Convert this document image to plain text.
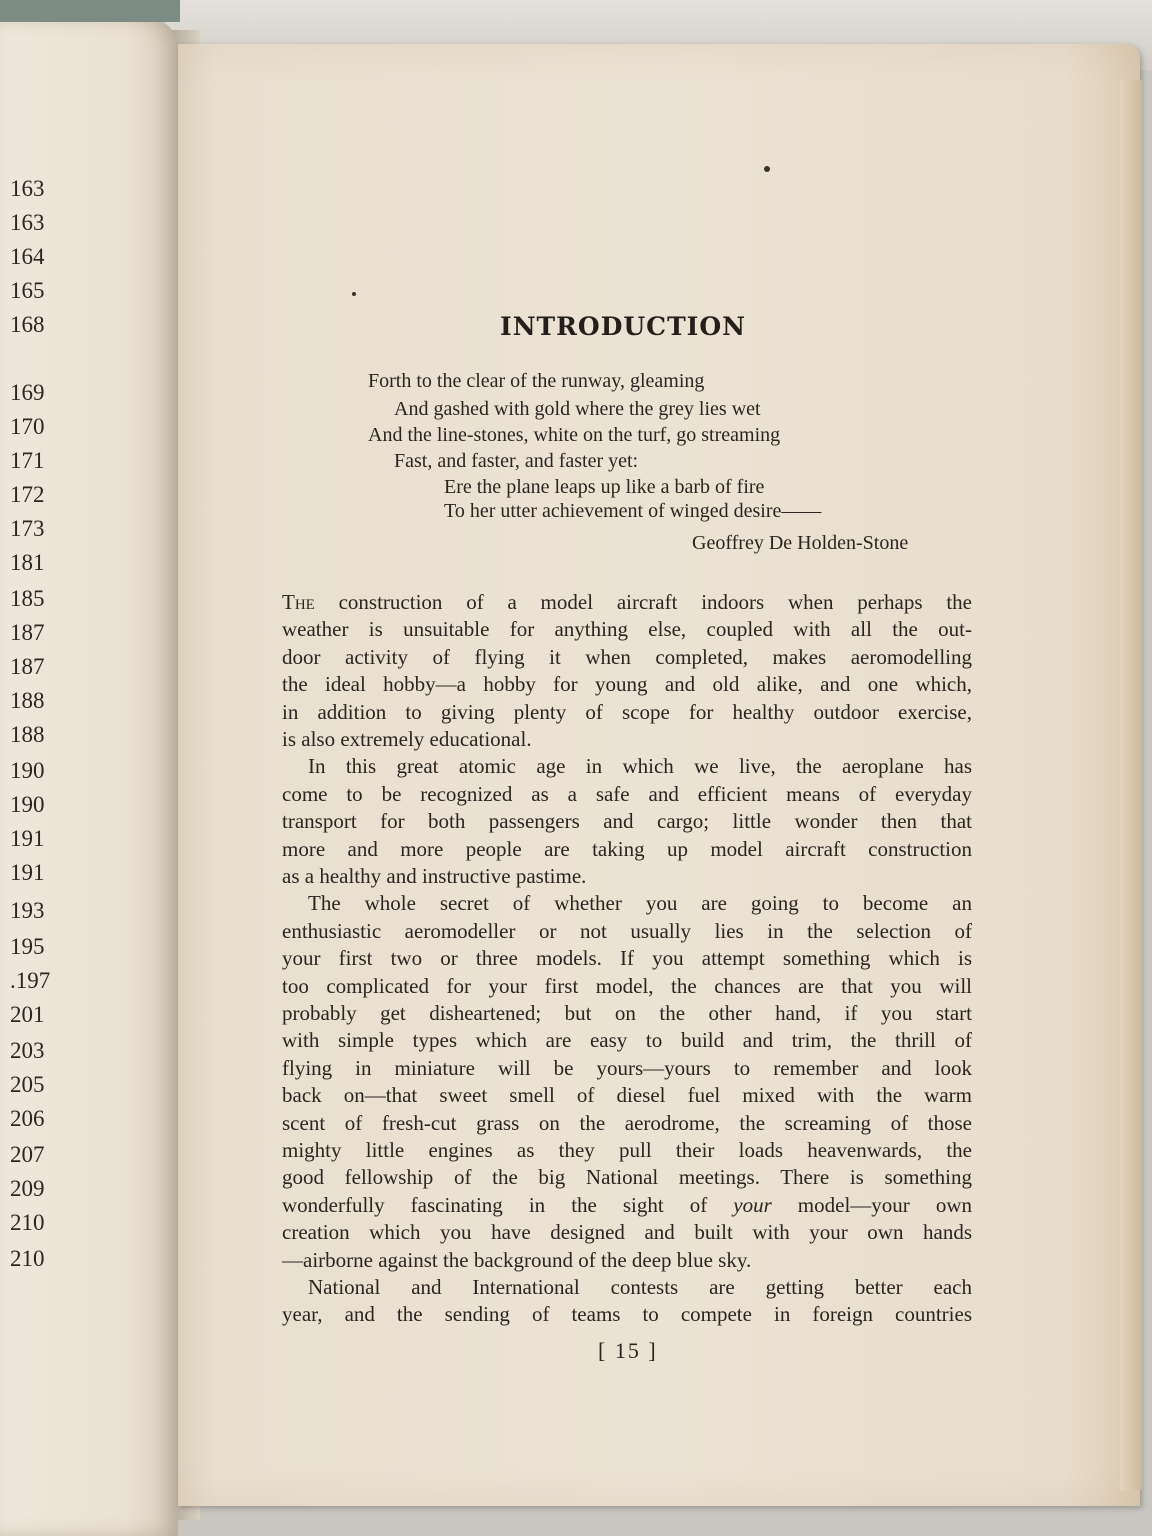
163
163
164
165
168
169
170
171
172
173
181
185
187
187
188
188
190
190
191
191
193
195
.197
201
203
205
206
207
209
210
210
INTRODUCTION
Forth to the clear of the runway, gleaming
And gashed with gold where the grey lies wet
And the line-stones, white on the turf, go streaming
Fast, and faster, and faster yet:
Ere the plane leaps up like a barb of fire
To her utter achievement of winged desire——
Geoffrey De Holden-Stone
The construction of a model aircraft indoors when perhaps the
weather is unsuitable for anything else, coupled with all the out-
door activity of flying it when completed, makes aeromodelling
the ideal hobby—a hobby for young and old alike, and one which,
in addition to giving plenty of scope for healthy outdoor exercise,
is also extremely educational.
In this great atomic age in which we live, the aeroplane has
come to be recognized as a safe and efficient means of everyday
transport for both passengers and cargo; little wonder then that
more and more people are taking up model aircraft construction
as a healthy and instructive pastime.
The whole secret of whether you are going to become an
enthusiastic aeromodeller or not usually lies in the selection of
your first two or three models. If you attempt something which is
too complicated for your first model, the chances are that you will
probably get disheartened; but on the other hand, if you start
with simple types which are easy to build and trim, the thrill of
flying in miniature will be yours—yours to remember and look
back on—that sweet smell of diesel fuel mixed with the warm
scent of fresh-cut grass on the aerodrome, the screaming of those
mighty little engines as they pull their loads heavenwards, the
good fellowship of the big National meetings. There is something
wonderfully fascinating in the sight of your model—your own
creation which you have designed and built with your own hands
—airborne against the background of the deep blue sky.
National and International contests are getting better each
year, and the sending of teams to compete in foreign countries
[ 15 ]
